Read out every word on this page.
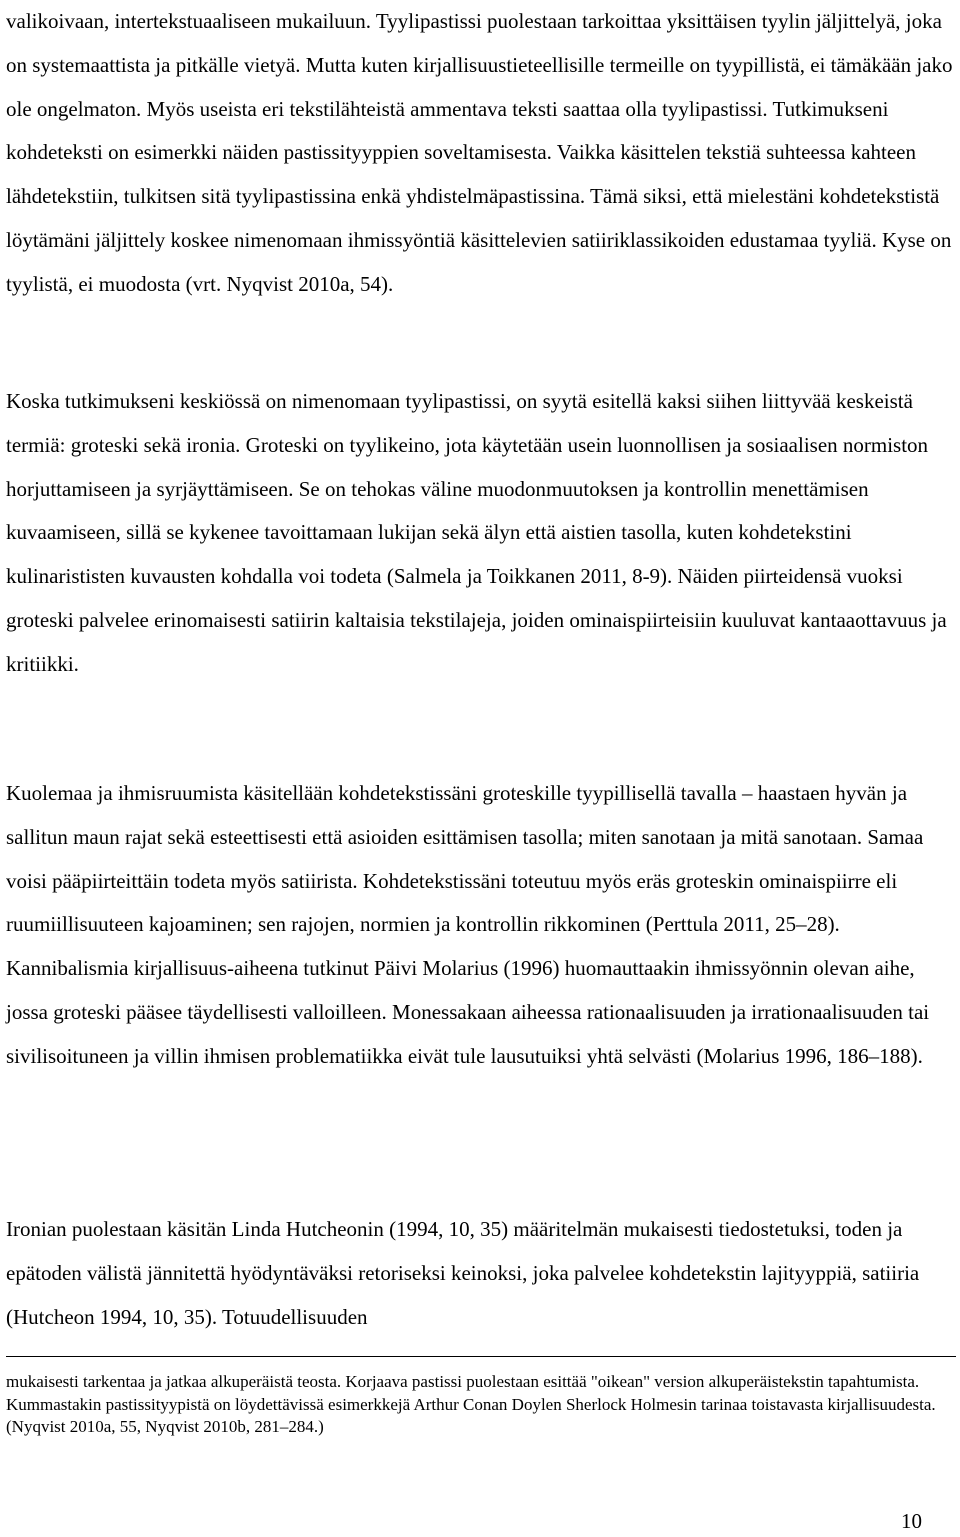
valikoivaan, intertekstuaaliseen mukailuun. Tyylipastissi puolestaan tarkoittaa yksittäisen tyylin jäljittelyä, joka on systemaattista ja pitkälle vietyä. Mutta kuten kirjallisuustieteellisille termeille on tyypillistä, ei tämäkään jako ole ongelmaton. Myös useista eri tekstilähteistä ammentava teksti saattaa olla tyylipastissi. Tutkimukseni kohdeteksti on esimerkki näiden pastissityyppien soveltamisesta. Vaikka käsittelen tekstiä suhteessa kahteen lähdetekstiin, tulkitsen sitä tyylipastissina enkä yhdistelmäpastissina. Tämä siksi, että mielestäni kohdetekstistä löytämäni jäljittely koskee nimenomaan ihmissyöntiä käsittelevien satiiriklassikoiden edustamaa tyyliä. Kyse on tyylistä, ei muodosta (vrt. Nyqvist 2010a, 54).

Koska tutkimukseni keskiössä on nimenomaan tyylipastissi, on syytä esitellä kaksi siihen liittyvää keskeistä termiä: groteski sekä ironia. Groteski on tyylikeino, jota käytetään usein luonnollisen ja sosiaalisen normiston horjuttamiseen ja syrjäyttämiseen. Se on tehokas väline muodonmuutoksen ja kontrollin menettämisen kuvaamiseen, sillä se kykenee tavoittamaan lukijan sekä älyn että aistien tasolla, kuten kohdetekstini kulinarististen kuvausten kohdalla voi todeta (Salmela ja Toikkanen 2011, 8-9). Näiden piirteidensä vuoksi groteski palvelee erinomaisesti satiirin kaltaisia tekstilajeja, joiden ominaispiirteisiin kuuluvat kantaaottavuus ja kritiikki.

Kuolemaa ja ihmisruumista käsitellään kohdetekstissäni groteskille tyypillisellä tavalla – haastaen hyvän ja sallitun maun rajat sekä esteettisesti että asioiden esittämisen tasolla; miten sanotaan ja mitä sanotaan. Samaa voisi pääpiirteittäin todeta myös satiirista. Kohdetekstissäni toteutuu myös eräs groteskin ominaispiirre eli ruumiillisuuteen kajoaminen; sen rajojen, normien ja kontrollin rikkominen (Perttula 2011, 25–28). Kannibalismia kirjallisuus-aiheena tutkinut Päivi Molarius (1996) huomauttaakin ihmissyönnin olevan aihe, jossa groteski pääsee täydellisesti valloilleen. Monessakaan aiheessa rationaalisuuden ja irrationaalisuuden tai sivilisoituneen ja villin ihmisen problematiikka eivät tule lausutuiksi yhtä selvästi (Molarius 1996, 186–188).

Ironian puolestaan käsitän Linda Hutcheonin (1994, 10, 35) määritelmän mukaisesti tiedostetuksi, toden ja epätoden välistä jännitettä hyödyntäväksi retoriseksi keinoksi, joka palvelee kohdetekstin lajityyppiä, satiiria (Hutcheon 1994, 10, 35). Totuudellisuuden

mukaisesti tarkentaa ja jatkaa alkuperäistä teosta. Korjaava pastissi puolestaan esittää "oikean" version alkuperäistekstin tapahtumista. Kummastakin pastissityypistä on löydettävissä esimerkkejä Arthur Conan Doylen Sherlock Holmesin tarinaa toistavasta kirjallisuudesta. (Nyqvist 2010a, 55, Nyqvist 2010b, 281–284.)

10
